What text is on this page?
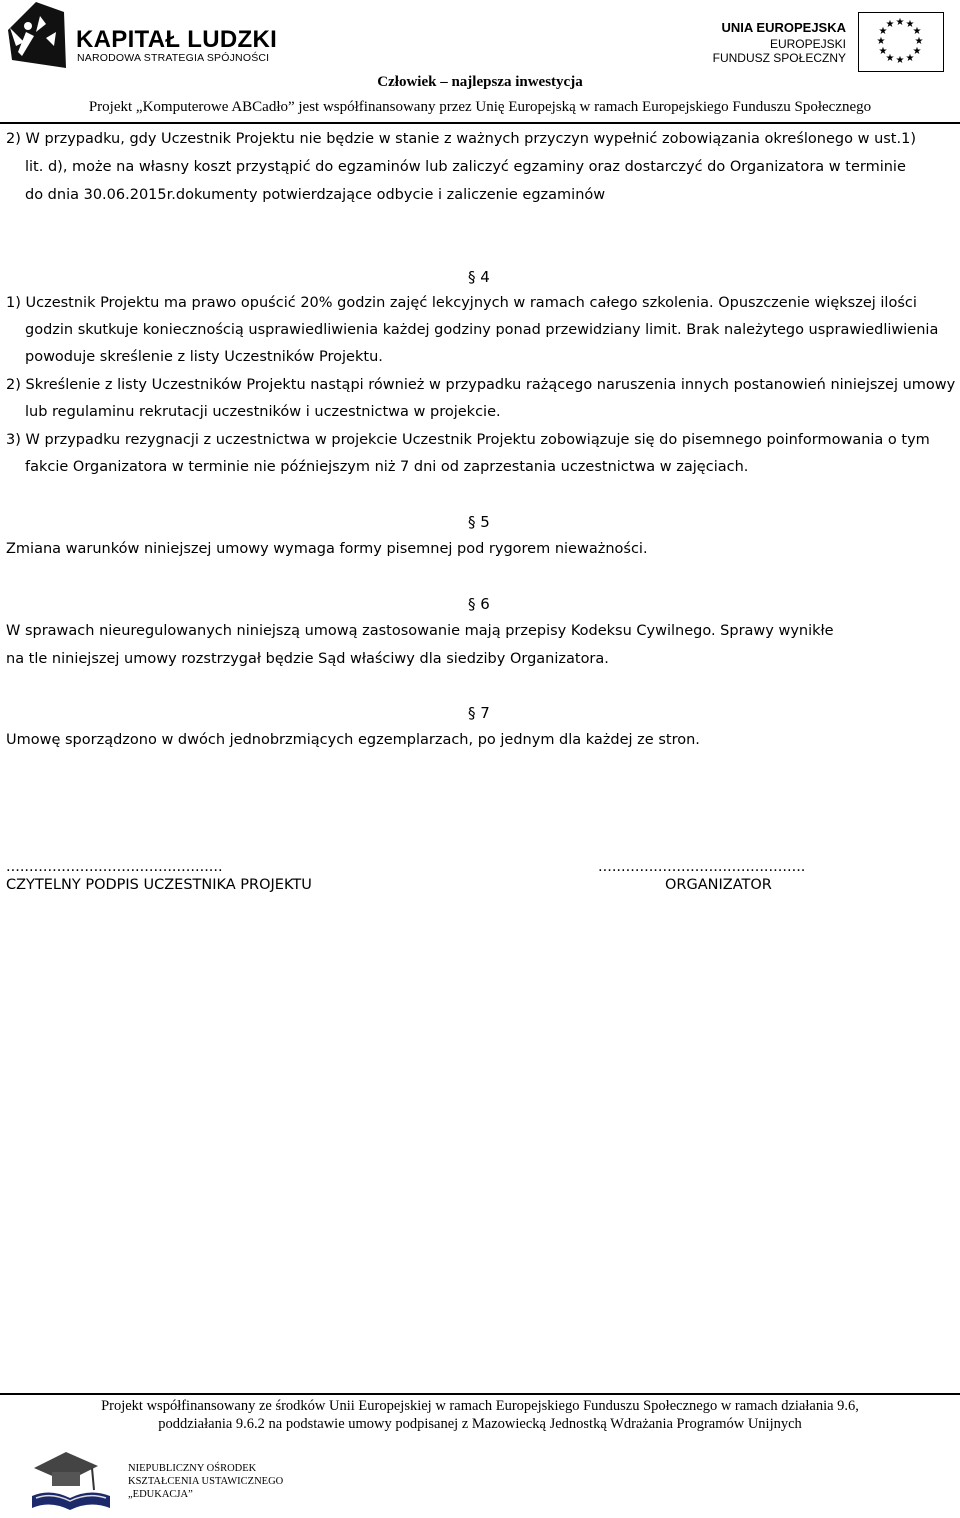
KAPITAŁ LUDZKI
NARODOWA STRATEGIA SPÓJNOŚCI
UNIA EUROPEJSKA
EUROPEJSKI
FUNDUSZ SPOŁECZNY
★ ★
★
★
★
★
★
★
★
★
★
★
Człowiek – najlepsza inwestycja
Projekt „Komputerowe ABCadło” jest współfinansowany przez Unię Europejską w ramach Europejskiego Funduszu Społecznego
2) W przypadku, gdy Uczestnik Projektu nie będzie w stanie z ważnych przyczyn wypełnić zobowiązania określonego w ust.1)
lit. d), może na własny koszt przystąpić do egzaminów lub zaliczyć egzaminy oraz dostarczyć do Organizatora w terminie
do dnia 30.06.2015r.dokumenty potwierdzające odbycie i zaliczenie egzaminów
§ 4
1) Uczestnik Projektu ma prawo opuścić 20% godzin zajęć lekcyjnych w ramach całego szkolenia. Opuszczenie większej ilości godzin skutkuje koniecznością usprawiedliwienia każdej godziny ponad przewidziany limit. Brak należytego usprawiedliwienia powoduje skreślenie z listy Uczestników Projektu.
2) Skreślenie z listy Uczestników Projektu nastąpi również w przypadku rażącego naruszenia innych postanowień niniejszej umowy lub regulaminu rekrutacji uczestników i uczestnictwa w projekcie.
3) W przypadku rezygnacji z uczestnictwa w projekcie Uczestnik Projektu zobowiązuje się do pisemnego poinformowania o tym fakcie Organizatora w terminie nie późniejszym niż 7 dni od zaprzestania uczestnictwa w zajęciach.
§ 5
Zmiana warunków niniejszej umowy wymaga formy pisemnej pod rygorem nieważności.
§ 6
W sprawach nieuregulowanych niniejszą umową zastosowanie mają przepisy Kodeksu Cywilnego. Sprawy wynikłe
na tle niniejszej umowy rozstrzygał będzie Sąd właściwy dla siedziby Organizatora.
§ 7
Umowę sporządzono w dwóch jednobrzmiących egzemplarzach, po jednym dla każdej ze stron.
...............................................
CZYTELNY PODPIS UCZESTNIKA PROJEKTU
.............................................
ORGANIZATOR
Projekt współfinansowany ze środków Unii Europejskiej w ramach Europejskiego Funduszu Społecznego w ramach działania 9.6,
poddziałania 9.6.2 na podstawie umowy podpisanej z Mazowiecką Jednostką Wdrażania Programów Unijnych
NIEPUBLICZNY OŚRODEK
KSZTAŁCENIA USTAWICZNEGO
„EDUKACJA”
